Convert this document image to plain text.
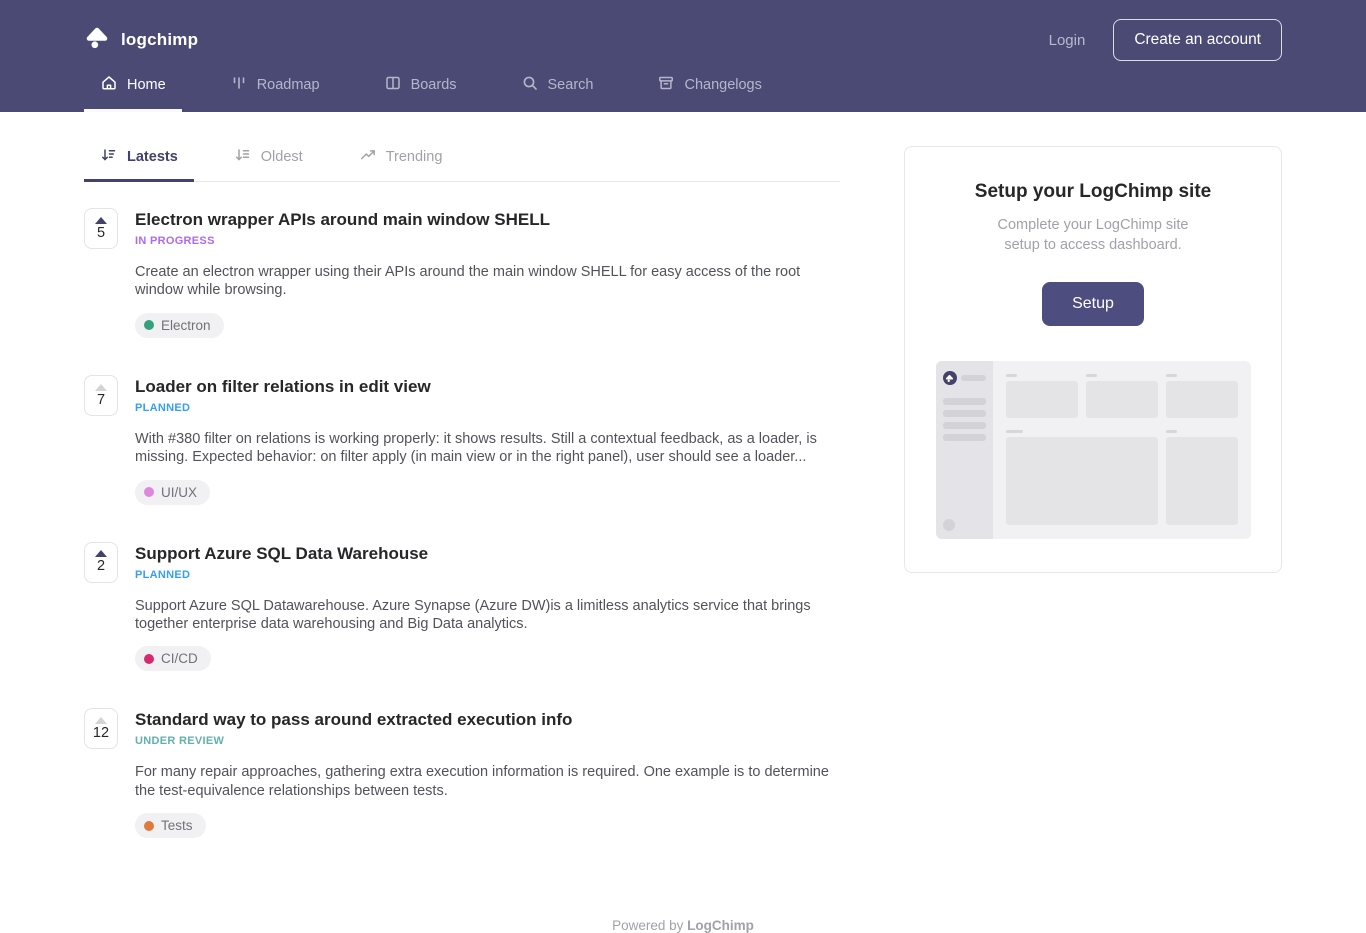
logchimp	Login	Create an account
Home	Roadmap	Boards	Search	Changelogs
Latests	Oldest	Trending
5
Electron wrapper APIs around main window SHELL
IN PROGRESS
Create an electron wrapper using their APIs around the main window SHELL for easy access of the root window while browsing.
Electron
7
Loader on filter relations in edit view
PLANNED
With #380 filter on relations is working properly: it shows results. Still a contextual feedback, as a loader, is missing. Expected behavior: on filter apply (in main view or in the right panel), user should see a loader...
UI/UX
2
Support Azure SQL Data Warehouse
PLANNED
Support Azure SQL Datawarehouse. Azure Synapse (Azure DW)is a limitless analytics service that brings together enterprise data warehousing and Big Data analytics.
CI/CD
12
Standard way to pass around extracted execution info
UNDER REVIEW
For many repair approaches, gathering extra execution information is required. One example is to determine the test-equivalence relationships between tests.
Tests
Setup your LogChimp site
Complete your LogChimp site setup to access dashboard.
Setup
Powered by LogChimp
